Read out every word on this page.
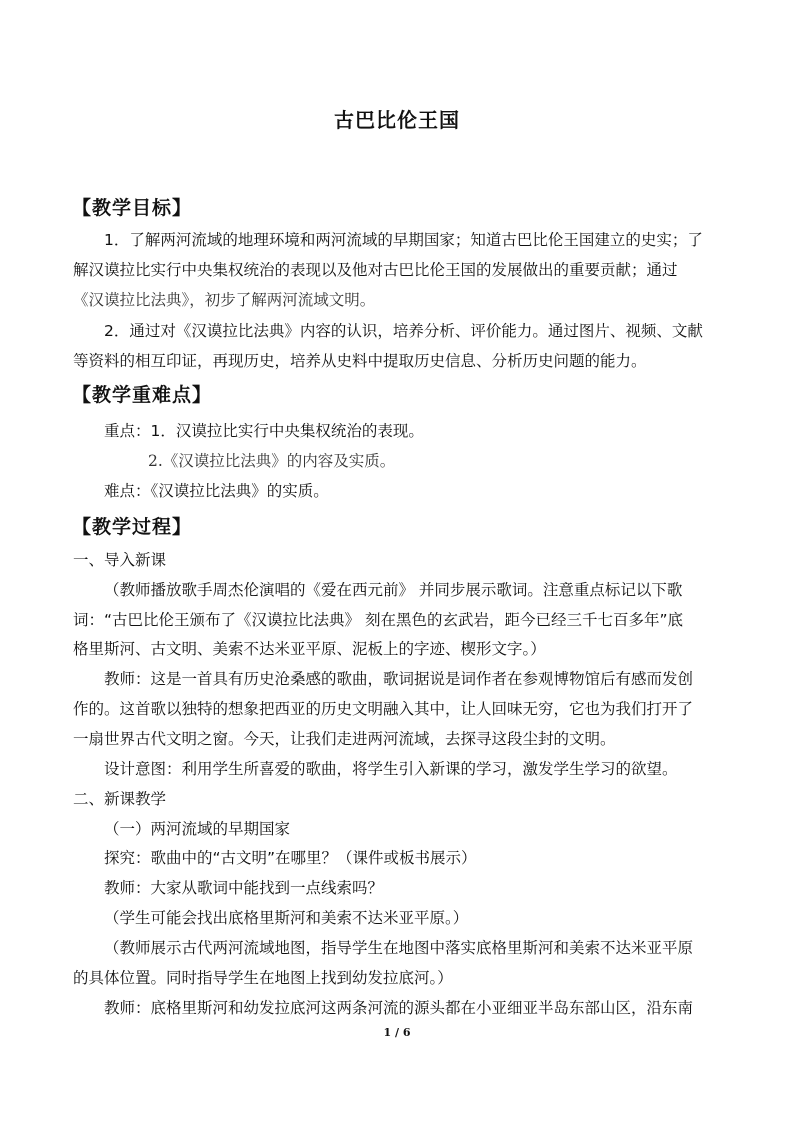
古巴比伦王国
【教学目标】
1．了解两河流域的地理环境和两河流域的早期国家；知道古巴比伦王国建立的史实；了
解汉谟拉比实行中央集权统治的表现以及他对古巴比伦王国的发展做出的重要贡献；通过
《汉谟拉比法典》，初步了解两河流域文明。
2．通过对《汉谟拉比法典》内容的认识，培养分析、评价能力。通过图片、视频、文献
等资料的相互印证，再现历史，培养从史料中提取历史信息、分析历史问题的能力。
【教学重难点】
重点：1．汉谟拉比实行中央集权统治的表现。
2.《汉谟拉比法典》的内容及实质。
难点：《汉谟拉比法典》的实质。
【教学过程】
一、导入新课
（教师播放歌手周杰伦演唱的《爱在西元前》 并同步展示歌词。注意重点标记以下歌
词：“古巴比伦王颁布了《汉谟拉比法典》 刻在黑色的玄武岩，距今已经三千七百多年”底
格里斯河、古文明、美索不达米亚平原、泥板上的字迹、楔形文字。）
教师：这是一首具有历史沧桑感的歌曲，歌词据说是词作者在参观博物馆后有感而发创
作的。这首歌以独特的想象把西亚的历史文明融入其中，让人回味无穷，它也为我们打开了
一扇世界古代文明之窗。今天，让我们走进两河流域，去探寻这段尘封的文明。
设计意图：利用学生所喜爱的歌曲，将学生引入新课的学习，激发学生学习的欲望。
二、新课教学
（一）两河流域的早期国家
探究：歌曲中的“古文明”在哪里？（课件或板书展示）
教师：大家从歌词中能找到一点线索吗？
（学生可能会找出底格里斯河和美索不达米亚平原。）
（教师展示古代两河流域地图，指导学生在地图中落实底格里斯河和美索不达米亚平原
的具体位置。同时指导学生在地图上找到幼发拉底河。）
教师：底格里斯河和幼发拉底河这两条河流的源头都在小亚细亚半岛东部山区，沿东南
1 / 6
